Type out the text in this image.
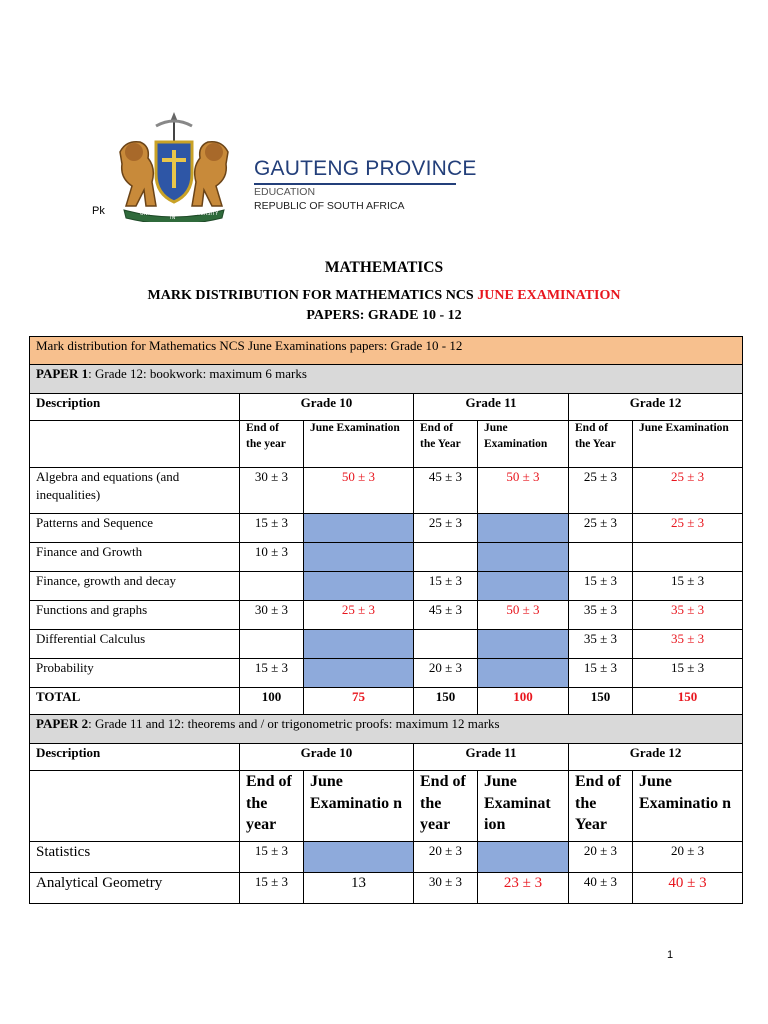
UNITY
IN
DIVERSITY
GAUTENG PROVINCE
EDUCATION
REPUBLIC OF SOUTH AFRICA
Pk
MATHEMATICS
MARK DISTRIBUTION FOR MATHEMATICS NCS JUNE EXAMINATION
PAPERS: GRADE 10 - 12
Mark distribution for Mathematics NCS June Examinations papers: Grade 10 - 12						
PAPER 1: Grade 12: bookwork: maximum 6 marks						
Description	Grade 10		Grade 11		Grade 12	
	End of the year	June Examination	End of the Year	June Examination	End of the Year	June Examination
Algebra and equations (and inequalities)	30 ± 3	50 ± 3	45 ± 3	50 ± 3	25 ± 3	25 ± 3
Patterns and Sequence	15 ± 3		25 ± 3		25 ± 3	25 ± 3
Finance and Growth	10 ± 3					
Finance, growth and decay			15 ± 3		15 ± 3	15 ± 3
Functions and graphs	30 ± 3	25 ± 3	45 ± 3	50 ± 3	35 ± 3	35 ± 3
Differential Calculus					35 ± 3	35 ± 3
Probability	15 ± 3		20 ± 3		15 ± 3	15 ± 3
TOTAL	100	75	150	100	150	150
PAPER 2: Grade 11 and 12: theorems and / or trigonometric proofs: maximum 12 marks						
Description	Grade 10		Grade 11		Grade 12	
	End of the year	June Examinatio n	End of the year	June Examinat ion	End of the Year	June Examinatio n
Statistics	15 ± 3		20 ± 3		20 ± 3	20 ± 3
Analytical Geometry	15 ± 3	13	30 ± 3	23 ± 3	40 ± 3	40 ± 3
1
